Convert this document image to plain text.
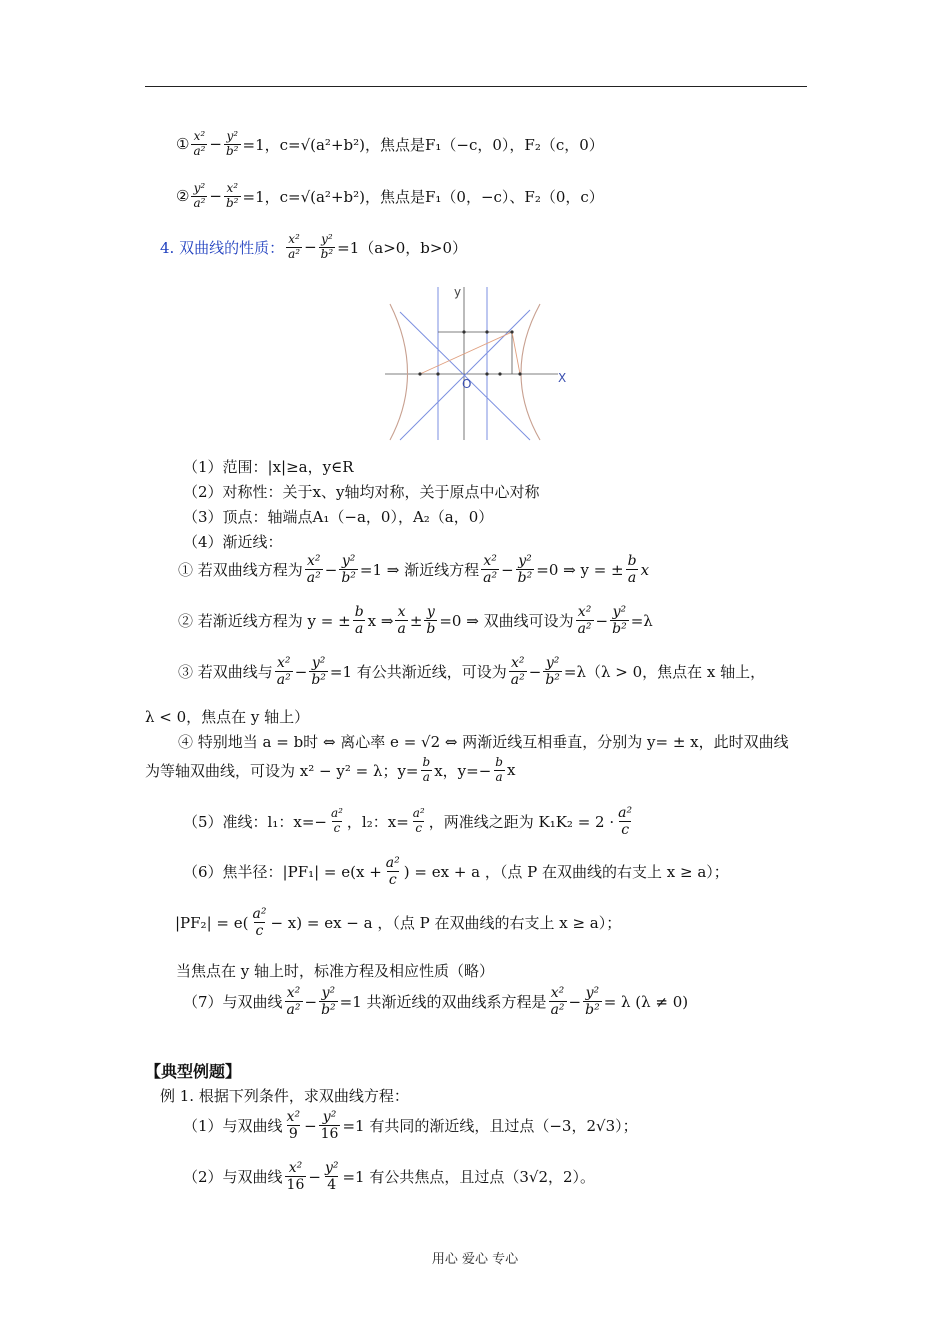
① $\frac{\text{x²}}{\text{a²}} - \frac{\text{y²}}{\text{b²}} =1$，c=√(a²+b²)，焦点是F₁（−c，0），F₂（c，0）
② $\frac{\text{y²}}{\text{a²}} - \frac{\text{x²}}{\text{b²}} =1$，c=√(a²+b²)，焦点是F₁（0，−c）、F₂（0，c）
4. 双曲线的性质： $\frac{\text{x²}}{\text{a²}} - \frac{\text{y²}}{\text{b²}} =1(a>0$，b>0）
y
X
O
（1）范围：|x|≥a，y∈R
（2）对称性：关于x、y轴均对称，关于原点中心对称
（3）顶点：轴端点A₁（−a，0），A₂（a，0）
（4）渐近线：
① 若双曲线方程为 $\frac{\text{x²}}{\text{a²}} - \frac{\text{y²}}{\text{b²}} =1$ ⇒ 渐近线方程 $\frac{\text{x²}}{\text{a²}} - \frac{\text{y²}}{\text{b²}} =0$ ⇒ y = ± $\frac{b}{a}$ x
② 若渐近线方程为 y = ± $\frac{b}{a}$ x ⇒ $\frac{x}{a} \pm \frac{y}{b} =0$ ⇒ 双曲线可设为 $\frac{\text{x²}}{\text{a²}} - \frac{\text{y²}}{\text{b²}} =\lambda$
③ 若双曲线与 $\frac{\text{x²}}{\text{a²}} - \frac{\text{y²}}{\text{b²}} =1$ 有公共渐近线，可设为 $\frac{\text{x²}}{\text{a²}} - \frac{\text{y²}}{\text{b²}} =\lambda(\lambda > 0$，焦点在 x 轴上，
λ < 0，焦点在 y 轴上）
④ 特别地当 a = b时 ⇔ 离心率 e = √2 ⇔ 两渐近线互相垂直，分别为 y= ± x，此时双曲线
为等轴双曲线，可设为 x² − y² = λ；$y= \frac{b}{a}$ x，$y=- \frac{b}{a}$ x
（5）准线：l₁：$x=- \frac{\text{a²}}{c}$ ，l₂：$x= \frac{\text{a²}}{c}$ ，两准线之距为 $K_1K_2 = 2 \cdot \frac{\text{a²}}{c}$
（6）焦半径：$|PF_1| = e(x + \frac{\text{a²}}{c}$ ) = ex + a ，（点 P 在双曲线的右支上 x ≥ a）；
$|PF_2| = e( \frac{\text{a²}}{c} - x)$ = ex − a ，（点 P 在双曲线的右支上 x ≥ a）；
当焦点在 y 轴上时，标准方程及相应性质（略）
（7）与双曲线 $\frac{\text{x²}}{\text{a²}} - \frac{\text{y²}}{\text{b²}} =1$ 共渐近线的双曲线系方程是 $\frac{\text{x²}}{\text{a²}} - \frac{\text{y²}}{\text{b²}} = \lambda$ (λ ≠ 0)
【典型例题】
例 1. 根据下列条件，求双曲线方程：
（1）与双曲线 $\frac{\text{x²}}{9} - \frac{\text{y²}}{16} =1$ 有共同的渐近线，且过点（−3，2√3）；
（2）与双曲线 $\frac{\text{x²}}{16} - \frac{\text{y²}}{4} =1$ 有公共焦点，且过点（3√2，2）。
用心 爱心 专心
